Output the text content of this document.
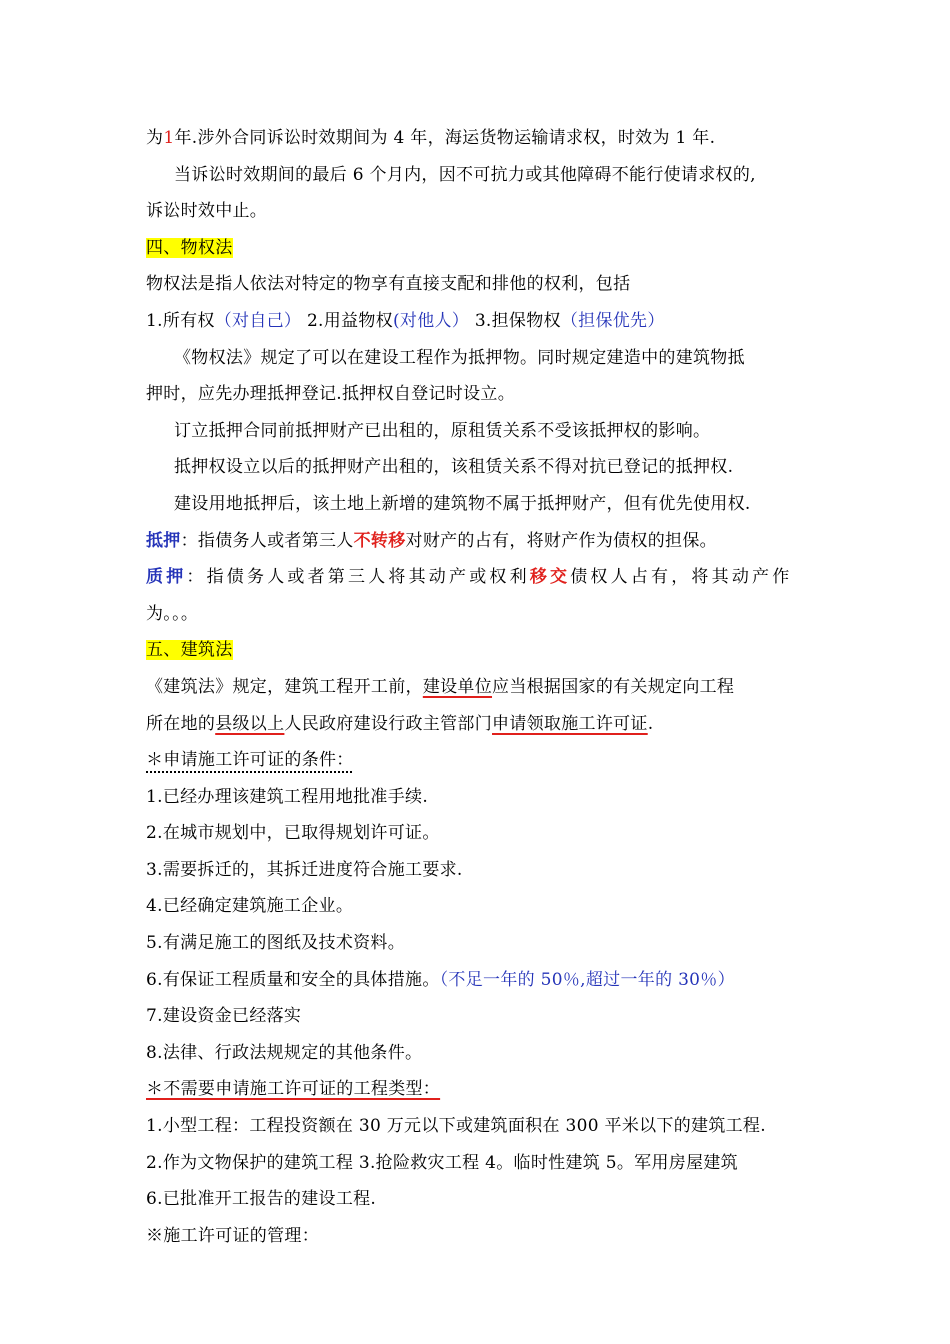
为1年.涉外合同诉讼时效期间为 4 年，海运货物运输请求权，时效为 1 年.
当诉讼时效期间的最后 6 个月内，因不可抗力或其他障碍不能行使请求权的,
诉讼时效中止。
四、物权法
物权法是指人依法对特定的物享有直接支配和排他的权利，包括
1.所有权（对自己） 2.用益物权(对他人） 3.担保物权（担保优先）
《物权法》规定了可以在建设工程作为抵押物。同时规定建造中的建筑物抵
押时，应先办理抵押登记.抵押权自登记时设立。
订立抵押合同前抵押财产已出租的，原租赁关系不受该抵押权的影响。
抵押权设立以后的抵押财产出租的，该租赁关系不得对抗已登记的抵押权.
建设用地抵押后，该土地上新增的建筑物不属于抵押财产，但有优先使用权.
抵押：指债务人或者第三人不转移对财产的占有，将财产作为债权的担保。
质押：指债务人或者第三人将其动产或权利移交债权人占有，将其动产作
为。。。
五、建筑法
《建筑法》规定，建筑工程开工前，建设单位应当根据国家的有关规定向工程
所在地的县级以上人民政府建设行政主管部门申请领取施工许可证.
＊申请施工许可证的条件：
1.已经办理该建筑工程用地批准手续.
2.在城市规划中，已取得规划许可证。
3.需要拆迁的，其拆迁进度符合施工要求.
4.已经确定建筑施工企业。
5.有满足施工的图纸及技术资料。
6.有保证工程质量和安全的具体措施。（不足一年的 50％,超过一年的 30％）
7.建设资金已经落实
8.法律、行政法规规定的其他条件。
＊不需要申请施工许可证的工程类型：
1.小型工程：工程投资额在 30 万元以下或建筑面积在 300 平米以下的建筑工程.
2.作为文物保护的建筑工程 3.抢险救灾工程 4。临时性建筑 5。军用房屋建筑
6.已批准开工报告的建设工程.
※施工许可证的管理：
